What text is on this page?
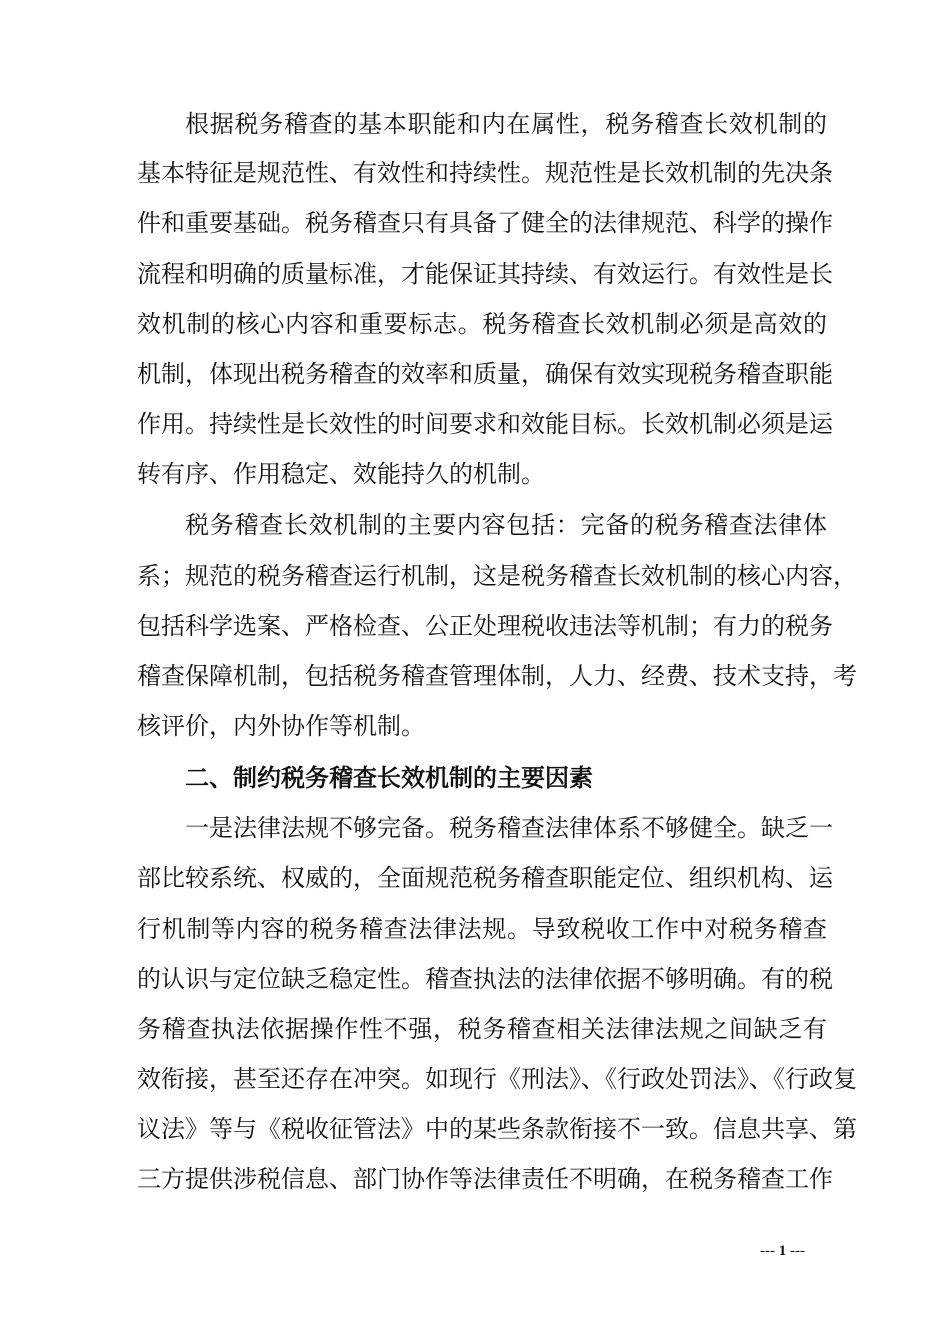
根据税务稽查的基本职能和内在属性，税务稽查长效机制的
基本特征是规范性、有效性和持续性。规范性是长效机制的先决条
件和重要基础。税务稽查只有具备了健全的法律规范、科学的操作
流程和明确的质量标准，才能保证其持续、有效运行。有效性是长
效机制的核心内容和重要标志。税务稽查长效机制必须是高效的
机制，体现出税务稽查的效率和质量，确保有效实现税务稽查职能
作用。持续性是长效性的时间要求和效能目标。长效机制必须是运
转有序、作用稳定、效能持久的机制。
税务稽查长效机制的主要内容包括：完备的税务稽查法律体
系；规范的税务稽查运行机制，这是税务稽查长效机制的核心内容，
包括科学选案、严格检查、公正处理税收违法等机制；有力的税务
稽查保障机制，包括税务稽查管理体制，人力、经费、技术支持，考
核评价，内外协作等机制。
二、制约税务稽查长效机制的主要因素
一是法律法规不够完备。税务稽查法律体系不够健全。缺乏一
部比较系统、权威的，全面规范税务稽查职能定位、组织机构、运
行机制等内容的税务稽查法律法规。导致税收工作中对税务稽查
的认识与定位缺乏稳定性。稽查执法的法律依据不够明确。有的税
务稽查执法依据操作性不强，税务稽查相关法律法规之间缺乏有
效衔接，甚至还存在冲突。如现行《刑法》、《行政处罚法》、《行政复
议法》等与《税收征管法》中的某些条款衔接不一致。信息共享、第
三方提供涉税信息、部门协作等法律责任不明确，在税务稽查工作
--- 1 ---
